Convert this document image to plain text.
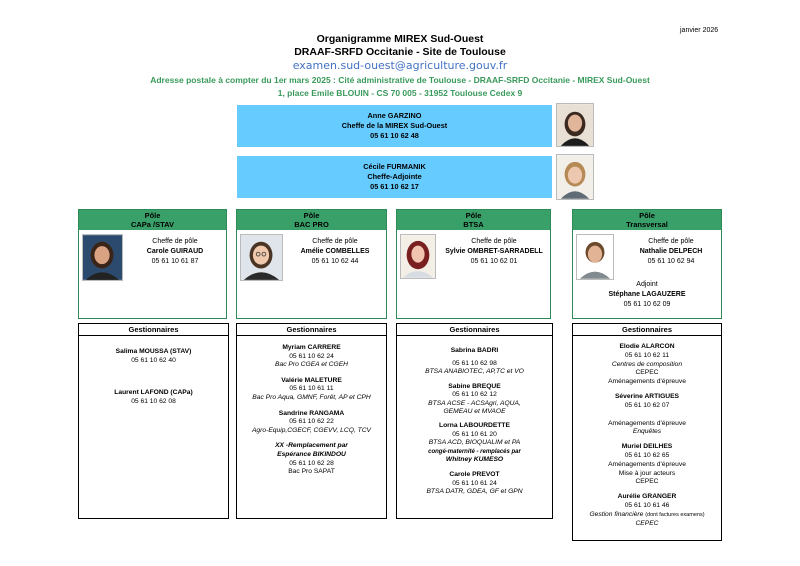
janvier 2026
Organigramme MIREX Sud-Ouest
DRAAF-SRFD Occitanie - Site de Toulouse
examen.sud-ouest@agriculture.gouv.fr
Adresse postale à compter du 1er mars 2025 : Cité administrative de Toulouse - DRAAF-SRFD Occitanie - MIREX Sud-Ouest
1, place Emile BLOUIN - CS 70 005 - 31952 Toulouse Cedex 9
Anne GARZINO
Cheffe de la MIREX Sud-Ouest
05 61 10 62 48
Cécile FURMANIK
Cheffe-Adjointe
05 61 10 62 17
Pôle
CAPa /STAV
Cheffe de pôle
Carole GUIRAUD
05 61 10 61 87
Pôle
BAC PRO
Cheffe de pôle
Amélie COMBELLES
05 61 10 62 44
Pôle
BTSA
Cheffe de pôle
Sylvie OMBRET-SARRADELL
05 61 10 62 01
Pôle
Transversal
Cheffe de pôle
Nathalie DELPECH
05 61 10 62 94
Adjoint
Stéphane LAGAUZERE
05 61 10 62 09
Gestionnaires
Salima MOUSSA (STAV)
05 61 10 62 40
Laurent LAFOND (CAPa)
05 61 10 62 08
Gestionnaires
Myriam CARRERE
05 61 10 62 24
Bac Pro CGEA et CGEH
Valérie MALETURE
05 61 10 61 11
Bac Pro Aqua, GMNF, Forêt, AP et CPH
Sandrine RANGAMA
05 61 10 62 22
Agro-Equip,CGECF, CGEVV, LCQ, TCV
XX -Remplacement par
Espérance BIKINDOU
05 61 10 62 28
Bac Pro SAPAT
Gestionnaires
Sabrina BADRI
05 61 10 62 98
BTSA ANABIOTEC, AP,TC et VO
Sabine BREQUE
05 61 10 62 12
BTSA ACSE - ACSAgri, AQUA, GEMEAU et MVAOE
Lorna LABOURDETTE
05 61 10 61 20
BTSA ACD, BIOQUALIM et PA
congé-maternité - remplacés par
Whitney KUMESO
Carole PREVOT
05 61 10 61 24
BTSA DATR, GDEA, GF et GPN
Gestionnaires
Elodie ALARCON
05 61 10 62 11
Centres de composition
CEPEC
Aménagements d'épreuve
Séverine ARTIGUES
05 61 10 62 07
Aménagements d'épreuve
Enquêtes
Muriel DEILHES
05 61 10 62 65
Aménagements d'épreuve
Mise à jour acteurs
CEPEC
Aurélie GRANGER
05 61 10 61 46
Gestion financière (dont factures examens)
CEPEC
